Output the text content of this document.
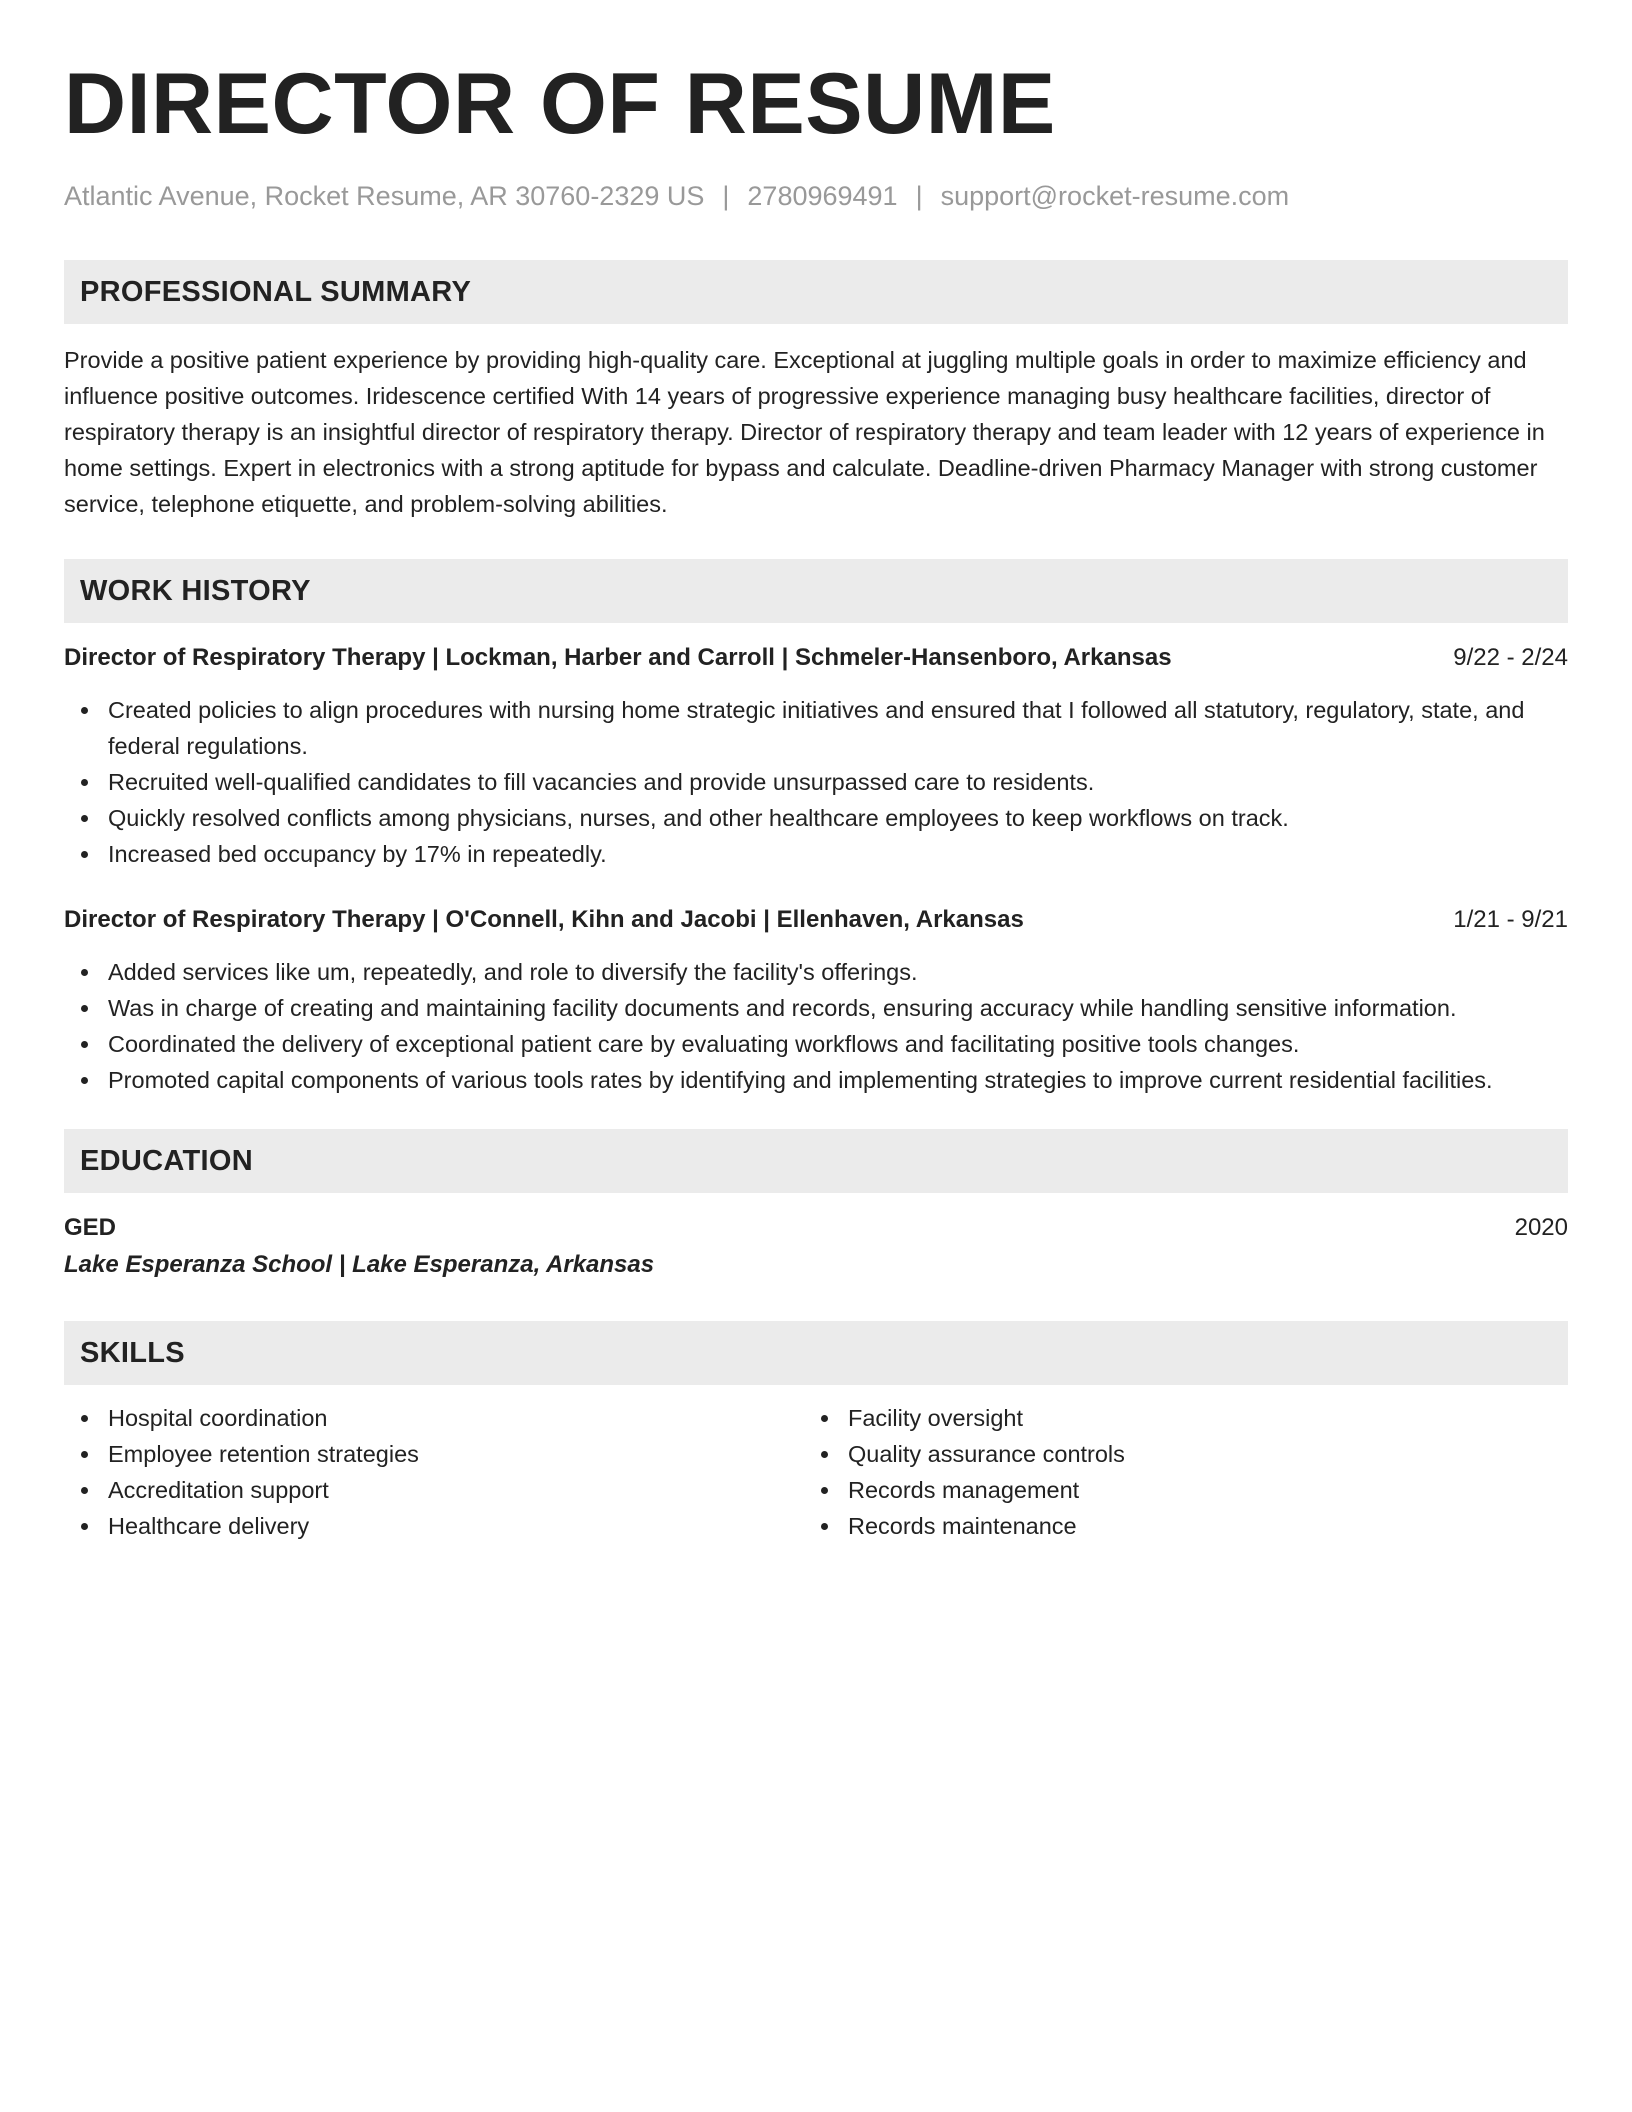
DIRECTOR OF RESUME
Atlantic Avenue, Rocket Resume, AR 30760-2329 US | 2780969491 | support@rocket-resume.com
PROFESSIONAL SUMMARY

Provide a positive patient experience by providing high-quality care. Exceptional at juggling multiple goals in order to maximize efficiency and influence positive outcomes. Iridescence certified With 14 years of progressive experience managing busy healthcare facilities, director of respiratory therapy is an insightful director of respiratory therapy. Director of respiratory therapy and team leader with 12 years of experience in home settings. Expert in electronics with a strong aptitude for bypass and calculate. Deadline-driven Pharmacy Manager with strong customer service, telephone etiquette, and problem-solving abilities.

WORK HISTORY
Director of Respiratory Therapy | Lockman, Harber and Carroll | Schmeler-Hansenboro, Arkansas	9/22 - 2/24
Created policies to align procedures with nursing home strategic initiatives and ensured that I followed all statutory, regulatory, state, and federal regulations.
Recruited well-qualified candidates to fill vacancies and provide unsurpassed care to residents.
Quickly resolved conflicts among physicians, nurses, and other healthcare employees to keep workflows on track.
Increased bed occupancy by 17% in repeatedly.
Director of Respiratory Therapy | O'Connell, Kihn and Jacobi | Ellenhaven, Arkansas	1/21 - 9/21
Added services like um, repeatedly, and role to diversify the facility's offerings.
Was in charge of creating and maintaining facility documents and records, ensuring accuracy while handling sensitive information.
Coordinated the delivery of exceptional patient care by evaluating workflows and facilitating positive tools changes.
Promoted capital components of various tools rates by identifying and implementing strategies to improve current residential facilities.
EDUCATION
GED	2020
Lake Esperanza School | Lake Esperanza, Arkansas
SKILLS
Hospital coordination
Employee retention strategies
Accreditation support
Healthcare delivery
Facility oversight
Quality assurance controls
Records management
Records maintenance
